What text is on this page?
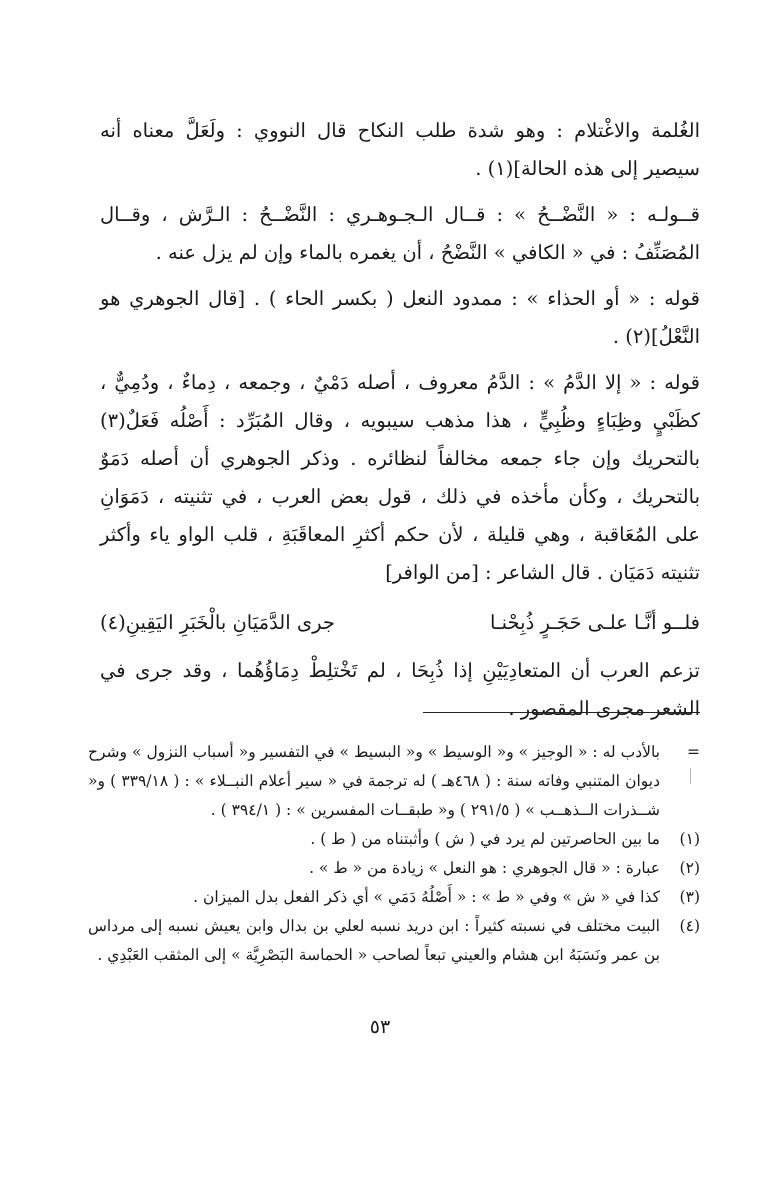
الغُلمة والاغْتلام : وهو شدة طلب النكاح قال النووي : ولَعَلَّ معناه أنه سيصير إلى هذه الحالة](١) .

قــولـه : « النَّضْــحُ » : قــال الـجـوهـري : النَّضْــحُ : الـرَّش ، وقــال المُصَنِّفُ : في « الكافي » النَّضْحُ ، أن يغمره بالماء وإن لم يزل عنه .

قوله : « أو الحذاء » : ممدود النعل ( بكسر الحاء ) . [قال الجوهري هو النَّعْلُ](٢) .

قوله : « إلا الدَّمُ » : الدَّمُ معروف ، أصله دَمْيٌ ، وجمعه ، دِماءٌ ، ودُمِيٌّ ، كظَبْيٍ وظِبَاءٍ وظُبِيٍّ ، هذا مذهب سيبويه ، وقال المُبَرِّد : أَصْلُه فَعَلٌ(٣) بالتحريك وإن جاء جمعه مخالفاً لنظائره . وذكر الجوهري أن أصله دَمَوٌ بالتحريك ، وكأن مأخذه في ذلك ، قول بعض العرب ، في تثنيته ، دَمَوَانِ على المُعَاقبة ، وهي قليلة ، لأن حكم أكثرِ المعاقَبَةِ ، قلب الواو ياء وأكثر تثنيته دَمَيَان . قال الشاعر : [من الوافر]

فلــو أنَّـا علـى حَجَـرٍ ذُبِحْنـا
جرى الدَّمَيَانِ بالْخَبَرِ اليَقِينِ(٤)

تزعم العرب أن المتعادِيَيْنِ إذا ذُبِحَا ، لم تَخْتلِطْ دِمَاؤُهُما ، وقد جرى في الشعر مجرى المقصور .

=
بالأدب له : « الوجيز » و« الوسيط » و« البسيط » في التفسير و« أسباب النزول » وشرح ديوان المتنبي وفاته سنة : ( ٤٦٨هـ ) له ترجمة في « سير أعلام النبــلاء » : ( ٣٣٩/١٨ ) و« شــذرات الــذهــب » ( ٢٩١/٥ ) و« طبقــات المفسرين » : ( ٣٩٤/١ ) .
(١)
ما بين الحاصرتين لم يرد في ( ش ) وأثبتناه من ( ط ) .
(٢)
عبارة : « قال الجوهري : هو النعل » زيادة من « ط » .
(٣)
كذا في « ش » وفي « ط » : « أَصْلُهُ دَمَي » أي ذكر الفعل بدل الميزان .
(٤)
البيت مختلف في نسبته كثيراً : ابن دريد نسبه لعلي بن بدال وابن يعيش نسبه إلى مرداس بن عمر ونَسَبَهُ ابن هشام والعيني تبعاً لصاحب « الحماسة البَصْرِيَّة » إلى المثقب العَبْدِي .
٥٣
